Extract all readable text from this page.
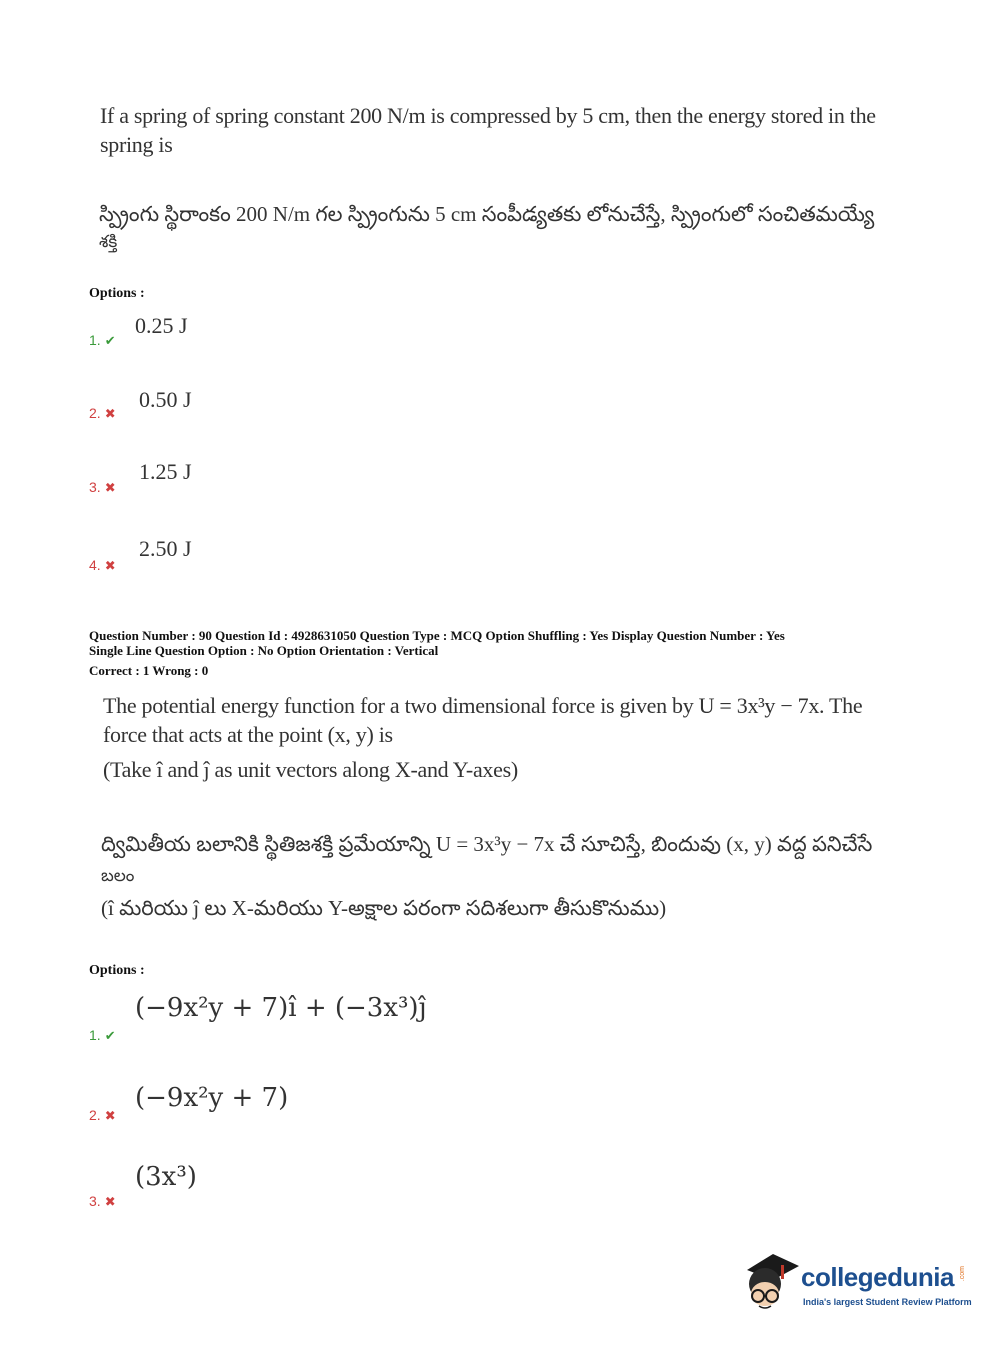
If a spring of spring constant 200 N/m is compressed by 5 cm, then the energy stored in the
spring is
స్ప్రింగు స్థిరాంకం 200 N/m గల స్ప్రింగును 5 cm సంపీడ్యతకు లోనుచేస్తే, స్ప్రింగులో సంచితమయ్యే
శక్తి
Options :
1. ✔
0.25 J
2. ✖
0.50 J
3. ✖
1.25 J
4. ✖
2.50 J
Question Number : 90 Question Id : 4928631050 Question Type : MCQ Option Shuffling : Yes Display Question Number : Yes
Single Line Question Option : No Option Orientation : Vertical
Correct : 1 Wrong : 0
The potential energy function for a two dimensional force is given by U = 3x³y − 7x. The
force that acts at the point (x, y) is
(Take î and ĵ as unit vectors along X-and Y-axes)
ద్విమితీయ బలానికి స్థితిజశక్తి ప్రమేయాన్ని U = 3x³y − 7x చే సూచిస్తే, బిందువు (x, y) వద్ద పనిచేసే
బలం
(î మరియు ĵ లు X-మరియు Y-అక్షాల పరంగా సదిశలుగా తీసుకొనుము)
Options :
1. ✔
(−9x²y + 7)î + (−3x³)ĵ
2. ✖
(−9x²y + 7)
3. ✖
(3x³)
collegedunia .com
India's largest Student Review Platform
